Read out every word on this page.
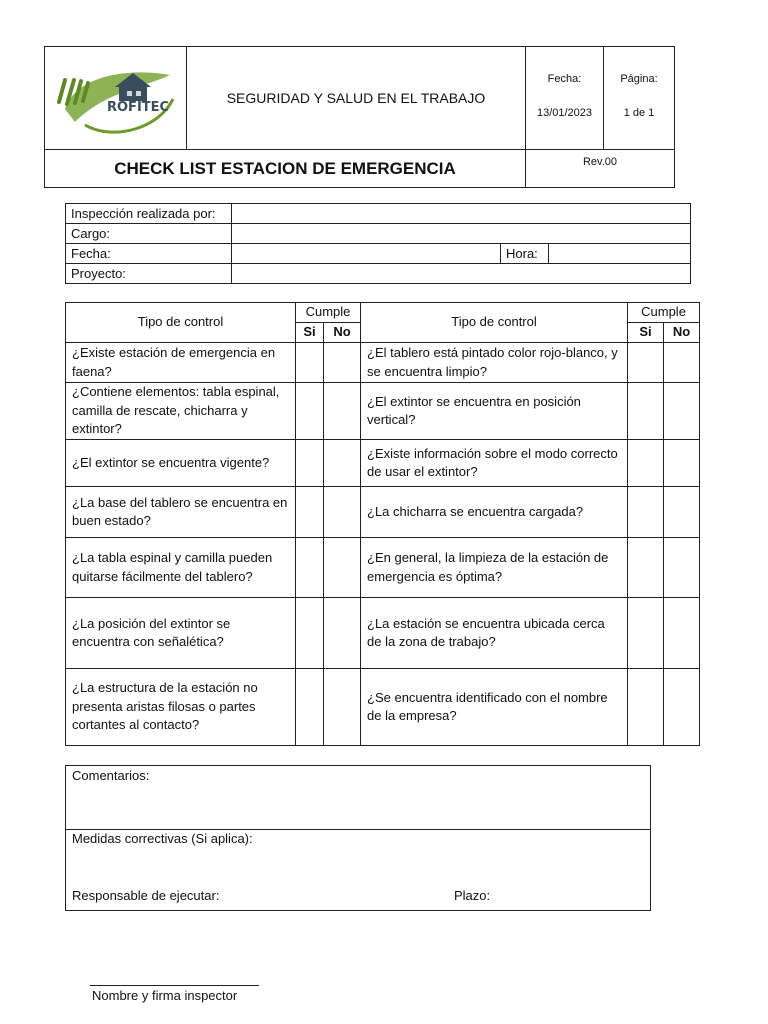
ROFITEC
SEGURIDAD Y SALUD EN EL TRABAJO
Fecha:
13/01/2023
Página:
1 de 1
CHECK LIST ESTACION DE EMERGENCIA	Rev.00
Inspección realizada por:			
Cargo:			
Fecha:		Hora:	
Proyecto:			
Tipo de control	Cumple		Tipo de control	Cumple	
	Si	No		Si	No
¿Existe estación de emergencia en faena?			¿El tablero está pintado color rojo-blanco, y se encuentra limpio?		
¿Contiene elementos: tabla espinal, camilla de rescate, chicharra y extintor?			¿El extintor se encuentra en posición vertical?		
¿El extintor se encuentra vigente?			¿Existe información sobre el modo correcto de usar el extintor?		
¿La base del tablero se encuentra en buen estado?			¿La chicharra se encuentra cargada?		
¿La tabla espinal y camilla pueden quitarse fácilmente del tablero?			¿En general, la limpieza de la estación de emergencia es óptima?		
¿La posición del extintor se encuentra con señalética?			¿La estación se encuentra ubicada cerca de la zona de trabajo?		
¿La estructura de la estación no presenta aristas filosas o partes cortantes al contacto?			¿Se encuentra identificado con el nombre de la empresa?		
Comentarios:
Medidas correctivas (Si aplica):
Responsable de ejecutar:	Plazo:
Nombre y firma inspector
